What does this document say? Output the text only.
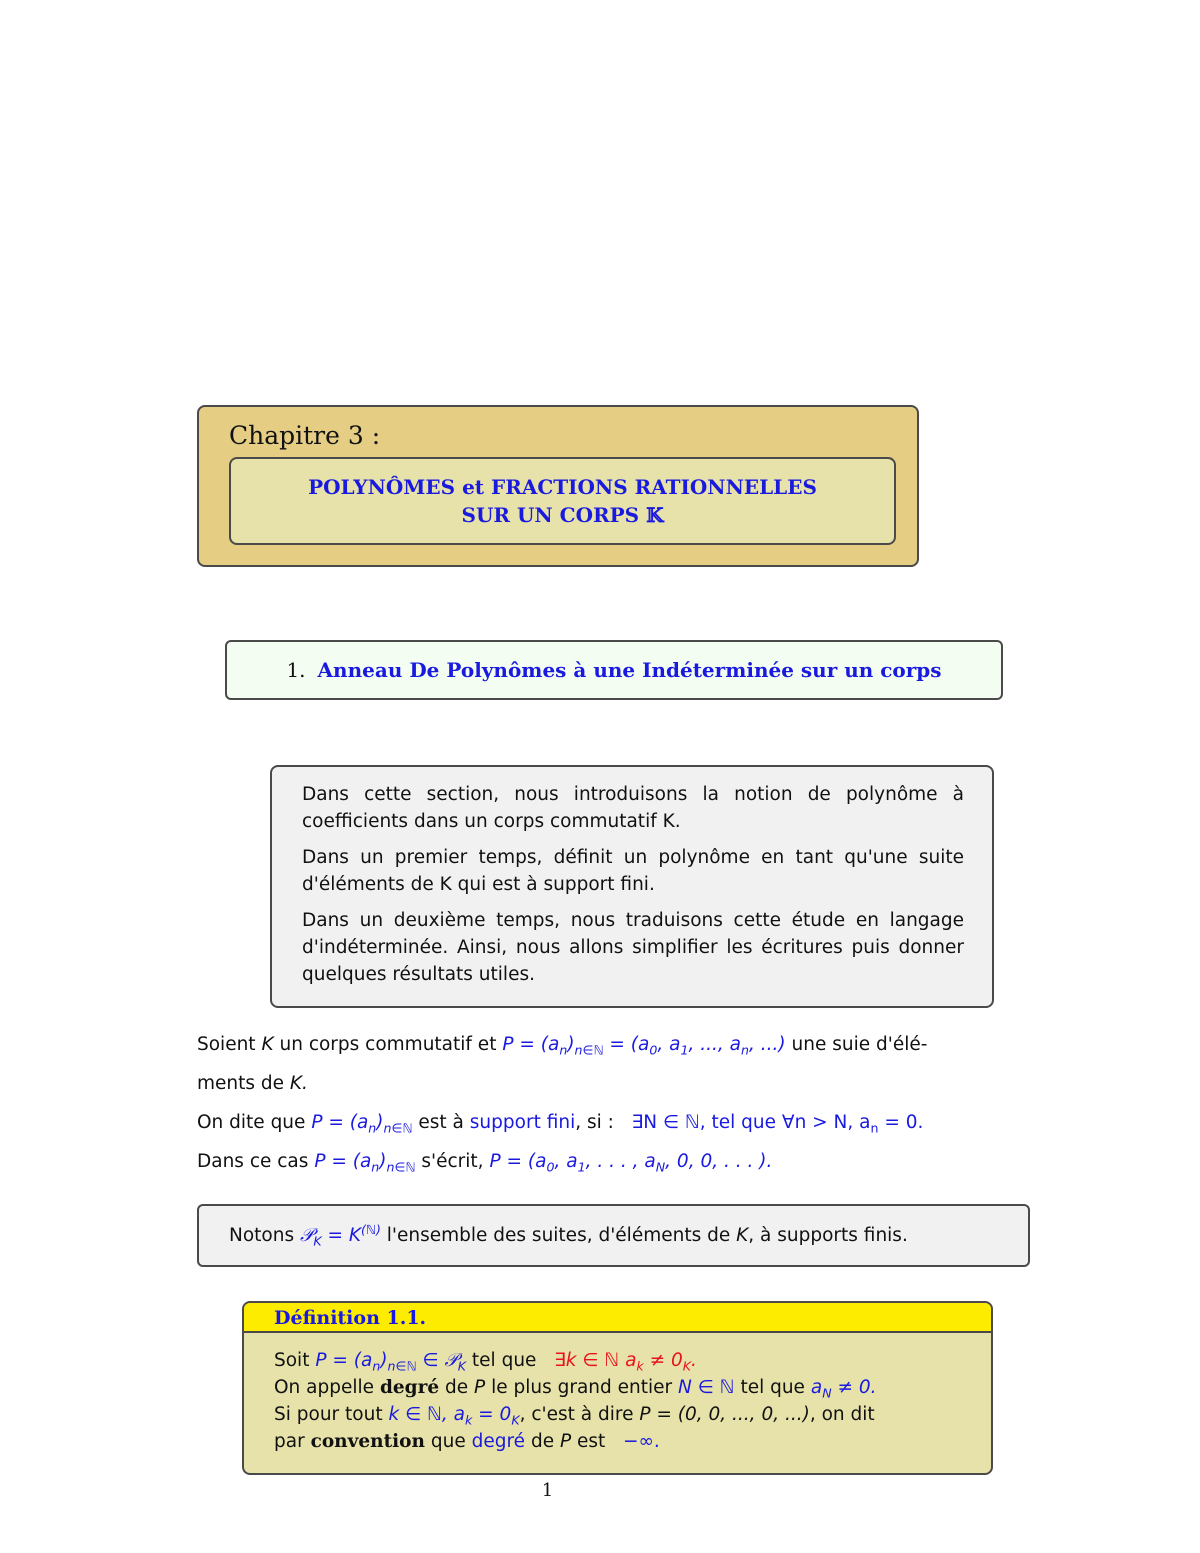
Chapitre 3 :
POLYNÔMES et FRACTIONS RATIONNELLES
SUR UN CORPS 𝕂
1. Anneau De Polynômes à une Indéterminée sur un corps

Dans cette section, nous introduisons la notion de polynôme à coefficients dans un corps commutatif K.

Dans un premier temps, définit un polynôme en tant qu'une suite d'éléments de K qui est à support fini.

Dans un deuxième temps, nous traduisons cette étude en langage d'indéterminée. Ainsi, nous allons simplifier les écritures puis donner quelques résultats utiles.

Soient K un corps commutatif et $P = (a_n)_{n\in ℕ} = (a_0$, $a_1$, ..., $a_n$, ...) une suie d'élé-
ments de K.
On dite que $P = (a_n)_{n\in ℕ}$ est à support fini, si : ∃N ∈ ℕ, tel que ∀n > N, $a_n = 0$.
Dans ce cas $P = (a_n)_{n\in ℕ}$ s'écrit, $P = (a_0$, $a_1$, . . . , $a_N$, 0, 0, . . . ).
Notons
𝒫$_K$ = $K^{(ℕ)}$
l'ensemble des suites, d'éléments de
K , à supports finis.
Définition 1.1.
Soit $P = (a_n)_{n\in ℕ}$ ∈ 𝒫$_K$ tel que ∃k ∈ ℕ $a_k \ne 0_K$.
On appelle degré de P le plus grand entier N ∈ ℕ tel que $a_N \ne 0$.
Si pour tout k ∈ ℕ, $a_k = 0_K$, c'est à dire P = (0, 0, ..., 0, ...), on dit
par convention que degré de P est −∞.
1
